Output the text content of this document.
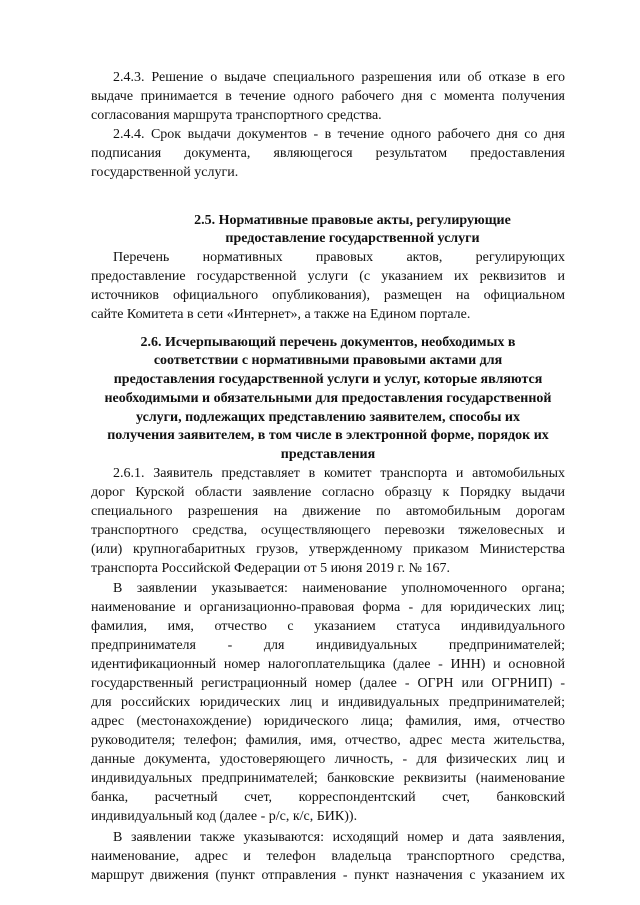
2.4.3. Решение о выдаче специального разрешения или об отказе в его
выдаче принимается в течение одного рабочего дня с момента получения
согласования маршрута транспортного средства.
2.4.4. Срок выдачи документов - в течение одного рабочего дня со дня
подписания документа, являющегося результатом предоставления
государственной услуги.
2.5. Нормативные правовые акты, регулирующие
предоставление государственной услуги
Перечень нормативных правовых актов, регулирующих
предоставление государственной услуги (с указанием их реквизитов и
источников официального опубликования), размещен на официальном
сайте Комитета в сети «Интернет», а также на Едином портале.
2.6. Исчерпывающий перечень документов, необходимых в
соответствии с нормативными правовыми актами для
предоставления государственной услуги и услуг, которые являются
необходимыми и обязательными для предоставления государственной
услуги, подлежащих представлению заявителем, способы их
получения заявителем, в том числе в электронной форме, порядок их
представления
2.6.1. Заявитель представляет в комитет транспорта и автомобильных
дорог Курской области заявление согласно образцу к Порядку выдачи
специального разрешения на движение по автомобильным дорогам
транспортного средства, осуществляющего перевозки тяжеловесных и
(или) крупногабаритных грузов, утвержденному приказом Министерства
транспорта Российской Федерации от 5 июня 2019 г. № 167.
В заявлении указывается: наименование уполномоченного органа;
наименование и организационно-правовая форма - для юридических лиц;
фамилия, имя, отчество с указанием статуса индивидуального
предпринимателя - для индивидуальных предпринимателей;
идентификационный номер налогоплательщика (далее - ИНН) и основной
государственный регистрационный номер (далее - ОГРН или ОГРНИП) -
для российских юридических лиц и индивидуальных предпринимателей;
адрес (местонахождение) юридического лица; фамилия, имя, отчество
руководителя; телефон; фамилия, имя, отчество, адрес места жительства,
данные документа, удостоверяющего личность, - для физических лиц и
индивидуальных предпринимателей; банковские реквизиты (наименование
банка, расчетный счет, корреспондентский счет, банковский
индивидуальный код (далее - р/с, к/с, БИК)).
В заявлении также указываются: исходящий номер и дата заявления,
наименование, адрес и телефон владельца транспортного средства,
маршрут движения (пункт отправления - пункт назначения с указанием их
